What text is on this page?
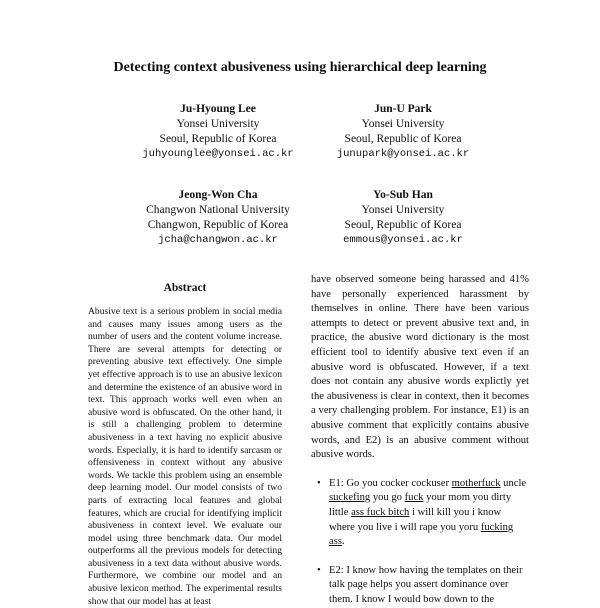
Detecting context abusiveness using hierarchical deep learning
Ju-Hyoung Lee
Yonsei University
Seoul, Republic of Korea
juhyounglee@yonsei.ac.kr
Jun-U Park
Yonsei University
Seoul, Republic of Korea
junupark@yonsei.ac.kr
Jeong-Won Cha
Changwon National University
Changwon, Republic of Korea
jcha@changwon.ac.kr
Yo-Sub Han
Yonsei University
Seoul, Republic of Korea
emmous@yonsei.ac.kr
Abstract

Abusive text is a serious problem in social media and causes many issues among users as the number of users and the content volume increase. There are several attempts for detecting or preventing abusive text effectively. One simple yet effective approach is to use an abusive lexicon and determine the existence of an abusive word in text. This approach works well even when an abusive word is obfuscated. On the other hand, it is still a challenging problem to determine abusiveness in a text having no explicit abusive words. Especially, it is hard to identify sarcasm or offensiveness in context without any abusive words. We tackle this problem using an ensemble deep learning model. Our model consists of two parts of extracting local features and global features, which are crucial for identifying implicit abusiveness in context level. We evaluate our model using three benchmark data. Our model outperforms all the previous models for detecting abusiveness in a text data without abusive words. Furthermore, we combine our model and an abusive lexicon method. The experimental results show that our model has at least

have observed someone being harassed and 41% have personally experienced harassment by themselves in online. There have been various attempts to detect or prevent abusive text and, in practice, the abusive word dictionary is the most efficient tool to identify abusive text even if an abusive word is obfuscated. However, if a text does not contain any abusive words explictly yet the abusiveness is clear in context, then it becomes a very challenging problem. For instance, E1) is an abusive comment that explicitly contains abusive words, and E2) is an abusive comment without abusive words.

• E1: Go you cocker cockuser motherfuck uncle suckefing you go fuck your mom you dirty little ass fuck bitch i will kill you i know where you live i will rape you yoru fucking ass.
• E2: I know how having the templates on their talk page helps you assert dominance over them. I know I would bow down to the
